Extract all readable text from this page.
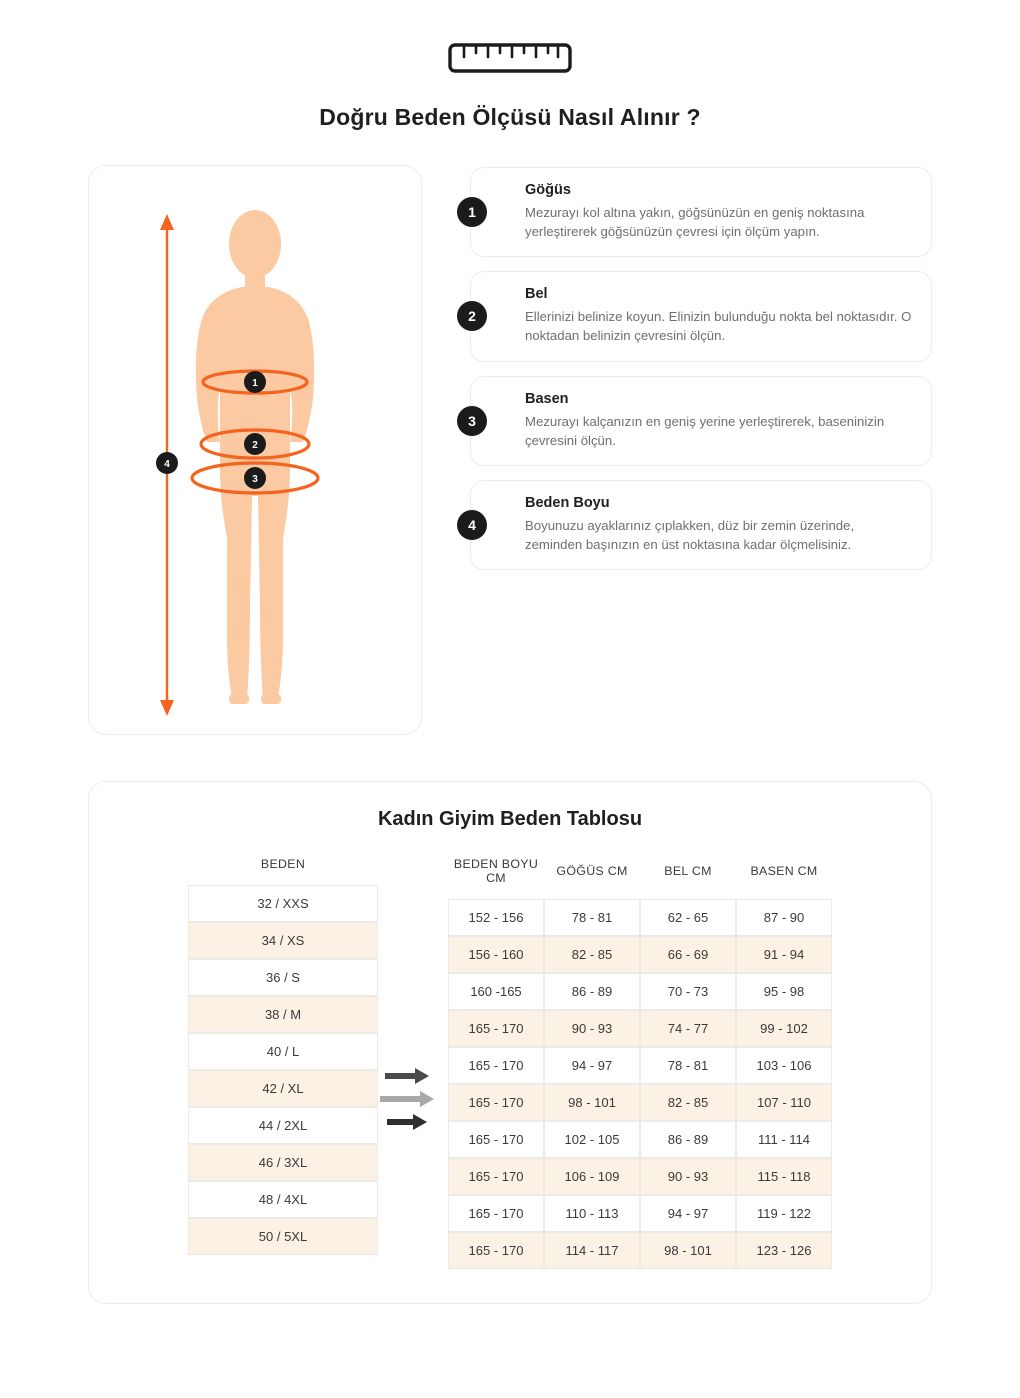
Doğru Beden Ölçüsü Nasıl Alınır ?
1
2
3
4
1
Göğüs
Mezurayı kol altına yakın, göğsünüzün en geniş noktasına yerleştirerek göğsünüzün çevresi için ölçüm yapın.
2
Bel
Ellerinizi belinize koyun. Elinizin bulunduğu nokta bel noktasıdır. O noktadan belinizin çevresini ölçün.
3
Basen
Mezurayı kalçanızın en geniş yerine yerleştirerek, baseninizin çevresini ölçün.
4
Beden Boyu
Boyunuzu ayaklarınız çıplakken, düz bir zemin üzerinde, zeminden başınızın en üst noktasına kadar ölçmelisiniz.
Kadın Giyim Beden Tablosu
BEDEN
32 / XXS
34 / XS
36 / S
38 / M
40 / L
42 / XL
44 / 2XL
46 / 3XL
48 / 4XL
50 / 5XL
BEDEN BOYU CM	GÖĞÜS CM	BEL CM	BASEN CM
152 - 156	78 - 81	62 - 65	87 - 90
156 - 160	82 - 85	66 - 69	91 - 94
160 -165	86 - 89	70 - 73	95 - 98
165 - 170	90 - 93	74 - 77	99 - 102
165 - 170	94 - 97	78 - 81	103 - 106
165 - 170	98 - 101	82 - 85	107 - 110
165 - 170	102 - 105	86 - 89	111 - 114
165 - 170	106 - 109	90 - 93	115 - 118
165 - 170	110 - 113	94 - 97	119 - 122
165 - 170	114 - 117	98 - 101	123 - 126
